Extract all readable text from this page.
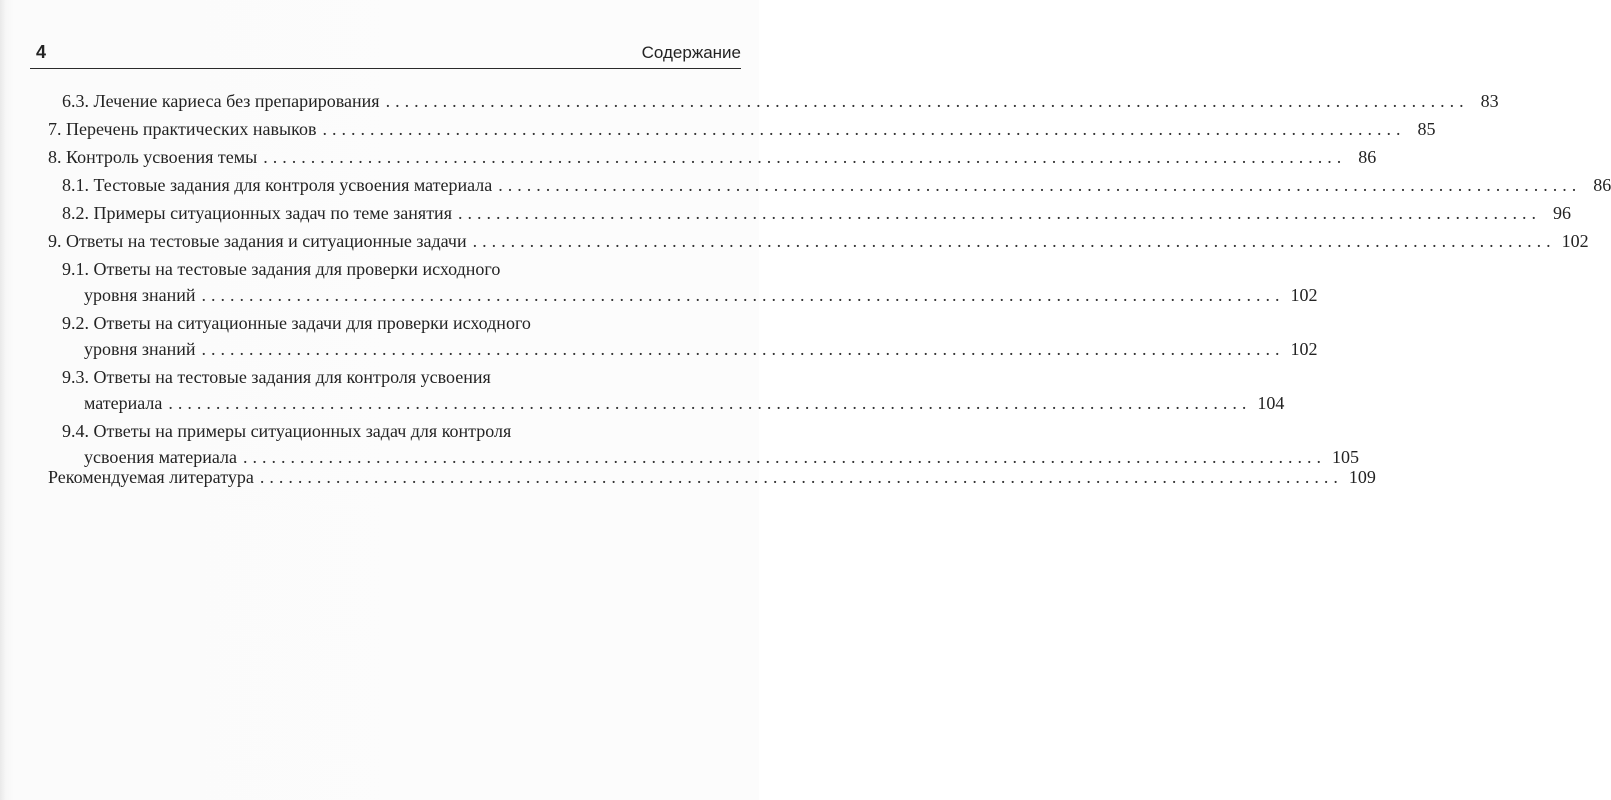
4	Содержание
6.3. Лечение кариеса без препарирования .................................................................................................................. 83
7. Перечень практических навыков .................................................................................................................. 85
8. Контроль усвоения темы .................................................................................................................. 86
8.1. Тестовые задания для контроля усвоения материала .................................................................................................................. 86
8.2. Примеры ситуационных задач по теме занятия .................................................................................................................. 96
9. Ответы на тестовые задания и ситуационные задачи .................................................................................................................. 102
9.1. Ответы на тестовые задания для проверки исходного
уровня знаний .................................................................................................................. 102
9.2. Ответы на ситуационные задачи для проверки исходного
уровня знаний .................................................................................................................. 102
9.3. Ответы на тестовые задания для контроля усвоения
материала .................................................................................................................. 104
9.4. Ответы на примеры ситуационных задач для контроля
усвоения материала .................................................................................................................. 105
Рекомендуемая литература .................................................................................................................. 109
